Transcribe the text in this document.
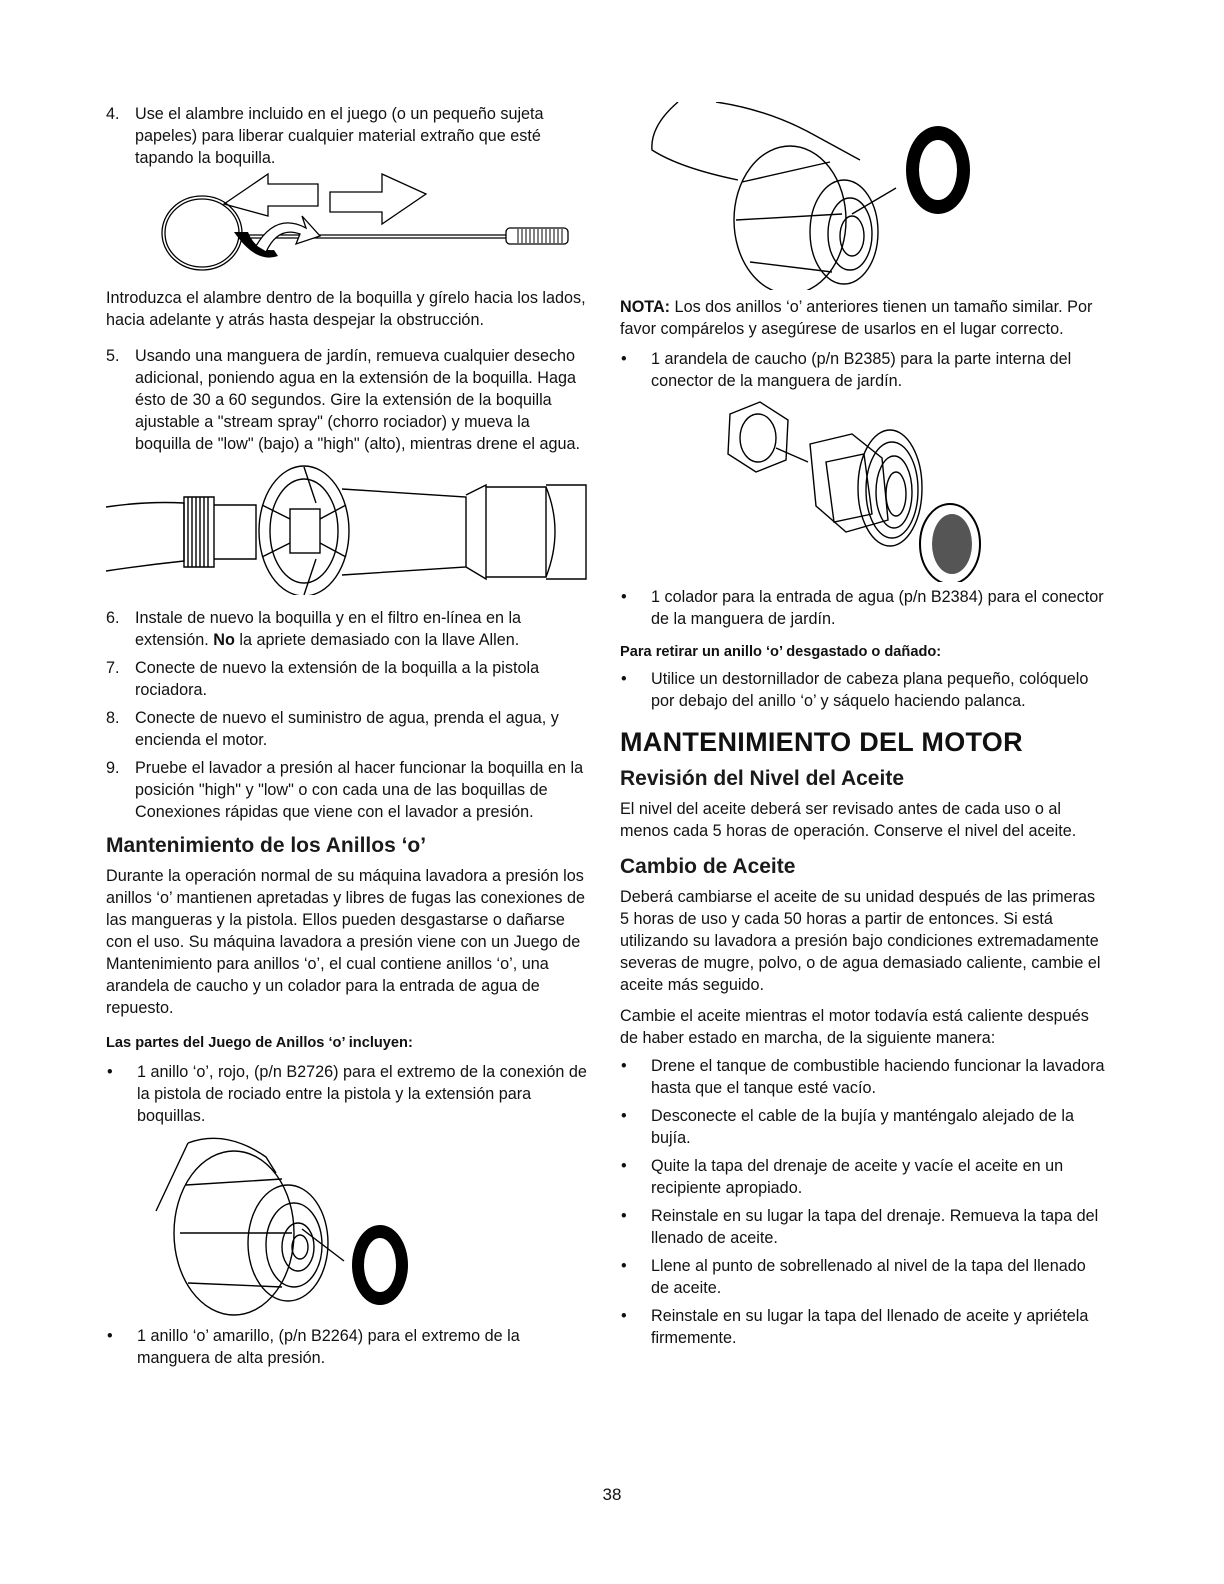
4. Use el alambre incluido en el juego (o un pequeño sujeta papeles) para liberar cualquier material extraño que esté tapando la boquilla.

Introduzca el alambre dentro de la boquilla y gírelo hacia los lados, hacia adelante y atrás hasta despejar la obstrucción.

5. Usando una manguera de jardín, remueva cualquier desecho adicional, poniendo agua en la extensión de la boquilla. Haga ésto de 30 a 60 segundos. Gire la extensión de la boquilla ajustable a "stream spray" (chorro rociador) y mueva la boquilla de "low" (bajo) a "high" (alto), mientras drene el agua.
6. Instale de nuevo la boquilla y en el filtro en-línea en la extensión. No la apriete demasiado con la llave Allen.
7. Conecte de nuevo la extensión de la boquilla a la pistola rociadora.
8. Conecte de nuevo el suministro de agua, prenda el agua, y encienda el motor.
9. Pruebe el lavador a presión al hacer funcionar la boquilla en la posición "high" y "low" o con cada una de las boquillas de Conexiones rápidas que viene con el lavador a presión.
Mantenimiento de los Anillos ‘o’

Durante la operación normal de su máquina lavadora a presión los anillos ‘o’ mantienen apretadas y libres de fugas las conexiones de las mangueras y la pistola. Ellos pueden desgastarse o dañarse con el uso. Su máquina lavadora a presión viene con un Juego de Mantenimiento para anillos ‘o’, el cual contiene anillos ‘o’, una arandela de caucho y un colador para la entrada de agua de repuesto.

Las partes del Juego de Anillos ‘o’ incluyen:
•	1 anillo ‘o’, rojo, (p/n B2726) para el extremo de la conexión de la pistola de rociado entre la pistola y la extensión para boquillas.
•	1 anillo ‘o’ amarillo, (p/n B2264) para el extremo de la manguera de alta presión.

NOTA: Los dos anillos ‘o’ anteriores tienen un tamaño similar. Por favor compárelos y asegúrese de usarlos en el lugar correcto.

•	1 arandela de caucho (p/n B2385) para la parte interna del conector de la manguera de jardín.
•	1 colador para la entrada de agua (p/n B2384) para el conector de la manguera de jardín.
Para retirar un anillo ‘o’ desgastado o dañado:
•	Utilice un destornillador de cabeza plana pequeño, colóquelo por debajo del anillo ‘o’ y sáquelo haciendo palanca.
MANTENIMIENTO DEL MOTOR
Revisión del Nivel del Aceite

El nivel del aceite deberá ser revisado antes de cada uso o al menos cada 5 horas de operación. Conserve el nivel del aceite.

Cambio de Aceite

Deberá cambiarse el aceite de su unidad después de las primeras 5 horas de uso y cada 50 horas a partir de entonces. Si está utilizando su lavadora a presión bajo condiciones extremadamente severas de mugre, polvo, o de agua demasiado caliente, cambie el aceite más seguido.

Cambie el aceite mientras el motor todavía está caliente después de haber estado en marcha, de la siguiente manera:

•	Drene el tanque de combustible haciendo funcionar la lavadora hasta que el tanque esté vacío.
•	Desconecte el cable de la bujía y manténgalo alejado de la bujía.
•	Quite la tapa del drenaje de aceite y vacíe el aceite en un recipiente apropiado.
•	Reinstale en su lugar la tapa del drenaje. Remueva la tapa del llenado de aceite.
•	Llene al punto de sobrellenado al nivel de la tapa del llenado de aceite.
•	Reinstale en su lugar la tapa del llenado de aceite y apriétela firmemente.
38
